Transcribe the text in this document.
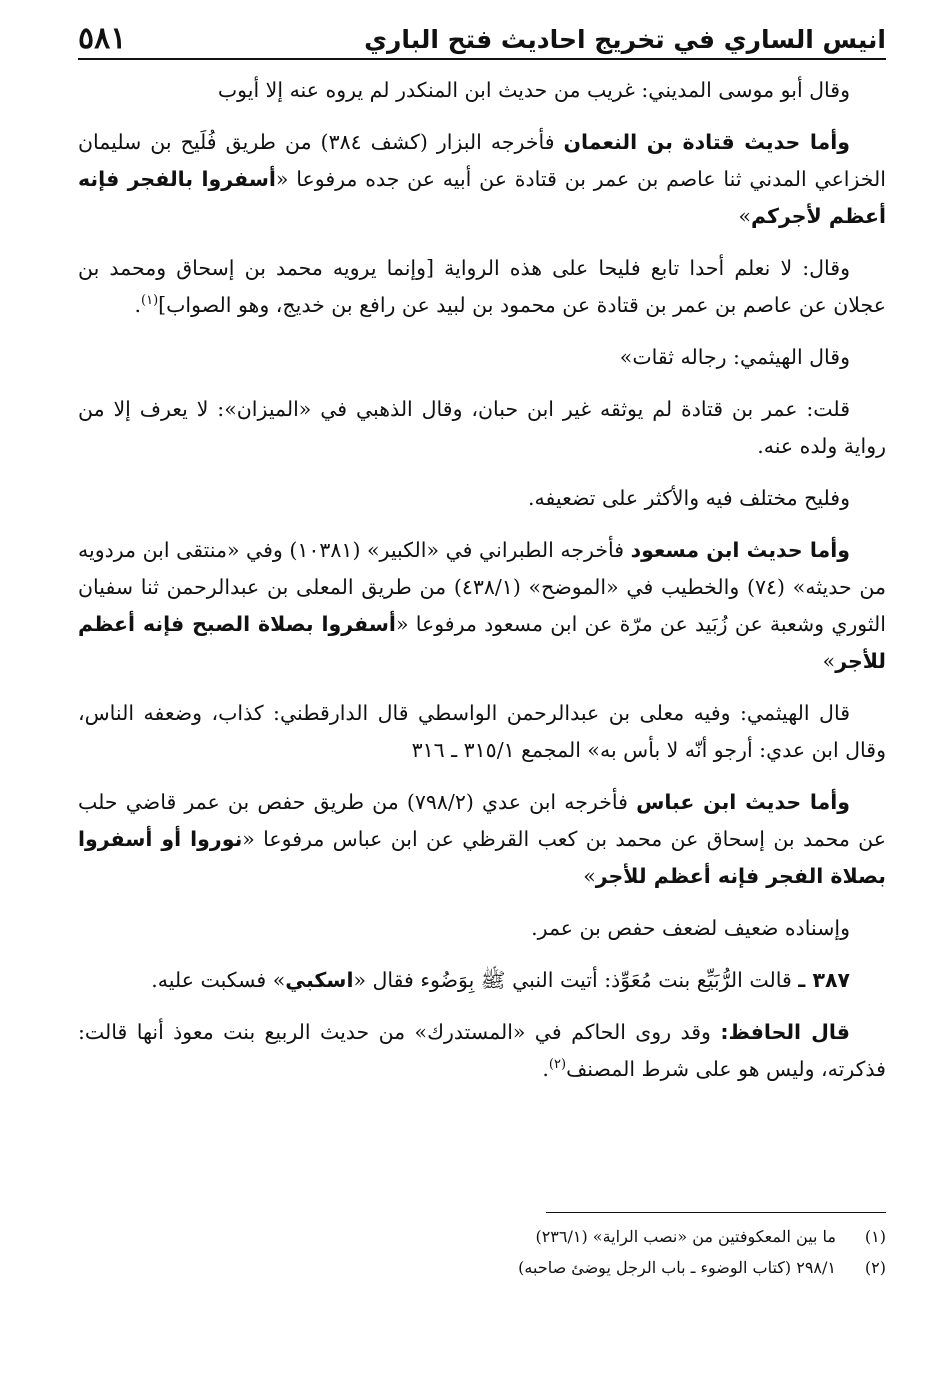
٥٨١	انيس الساري في تخريج احاديث فتح الباري

وقال أبو موسى المديني: غريب من حديث ابن المنكدر لم يروه عنه إلا أيوب

وأما حديث قتادة بن النعمان فأخرجه البزار (كشف ٣٨٤) من طريق فُلَيح بن سليمان الخزاعي المدني ثنا عاصم بن عمر بن قتادة عن أبيه عن جده مرفوعا «أسفروا بالفجر فإنه أعظم لأجركم»

وقال: لا نعلم أحدا تابع فليحا على هذه الرواية [وإنما يرويه محمد بن إسحاق ومحمد بن عجلان عن عاصم بن عمر بن قتادة عن محمود بن لبيد عن رافع بن خديج، وهو الصواب]$^{(١)}$.

وقال الهيثمي: رجاله ثقات»

قلت: عمر بن قتادة لم يوثقه غير ابن حبان، وقال الذهبي في «الميزان»: لا يعرف إلا من رواية ولده عنه.

وفليح مختلف فيه والأكثر على تضعيفه.

وأما حديث ابن مسعود فأخرجه الطبراني في «الكبير» (١٠٣٨١) وفي «منتقى ابن مردويه من حديثه» (٧٤) والخطيب في «الموضح» (٤٣٨/١) من طريق المعلى بن عبدالرحمن ثنا سفيان الثوري وشعبة عن زُبَيد عن مرّة عن ابن مسعود مرفوعا «أسفروا بصلاة الصبح فإنه أعظم للأجر»

قال الهيثمي: وفيه معلى بن عبدالرحمن الواسطي قال الدارقطني: كذاب، وضعفه الناس، وقال ابن عدي: أرجو أنّه لا بأس به» المجمع ٣١٥/١ ـ ٣١٦

وأما حديث ابن عباس فأخرجه ابن عدي (٧٩٨/٢) من طريق حفص بن عمر قاضي حلب عن محمد بن إسحاق عن محمد بن كعب القرظي عن ابن عباس مرفوعا «نوروا أو أسفروا بصلاة الفجر فإنه أعظم للأجر»

وإسناده ضعيف لضعف حفص بن عمر.

٣٨٧ ـ قالت الرُّبَيِّع بنت مُعَوِّذ: أتيت النبي ﷺ بِوَضُوء فقال «اسكبي» فسكبت عليه.

قال الحافظ: وقد روى الحاكم في «المستدرك» من حديث الربيع بنت معوذ أنها قالت: فذكرته، وليس هو على شرط المصنف$^{(٢)}$.

(١)
ما بين المعكوفتين من «نصب الراية» (٢٣٦/١)
(٢)
٢٩٨/١ (كتاب الوضوء ـ باب الرجل يوضئ صاحبه)
